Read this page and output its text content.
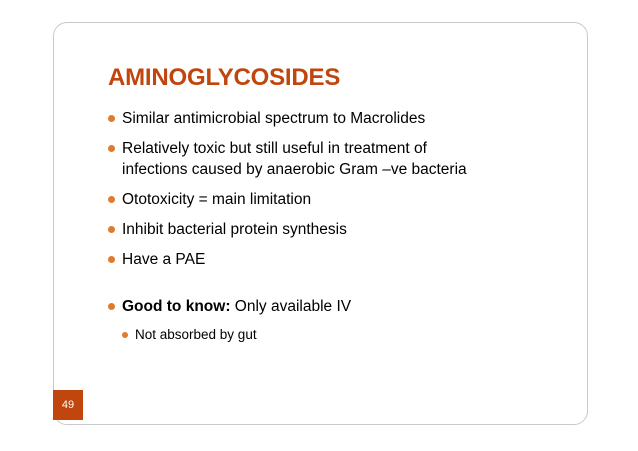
AMINOGLYCOSIDES
Similar antimicrobial spectrum to Macrolides
Relatively toxic but still useful in treatment of
infections caused by anaerobic Gram –ve bacteria
Ototoxicity = main limitation
Inhibit bacterial protein synthesis
Have a PAE
Good to know: Only available IV
Not absorbed by gut
49
